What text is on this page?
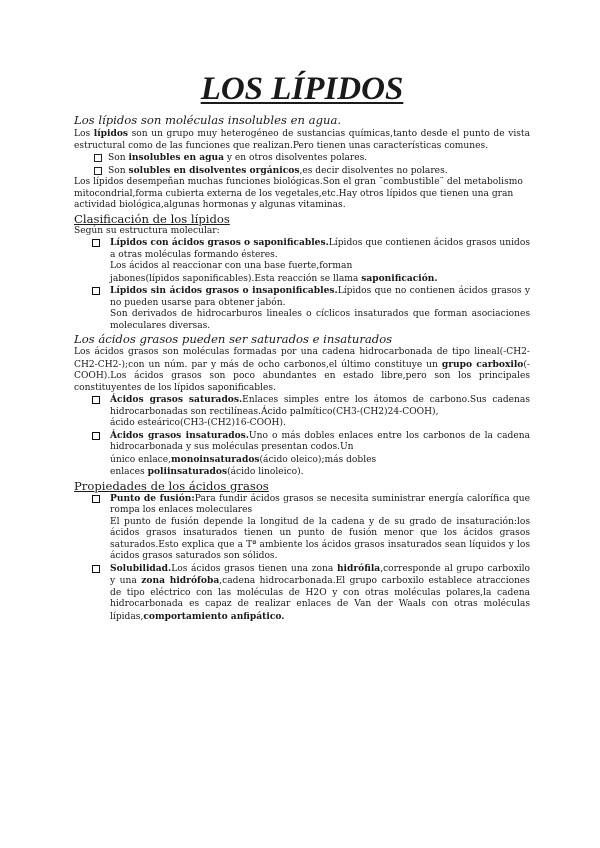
LOS LÍPIDOS
Los lípidos son moléculas insolubles en agua.

Los lípidos son un grupo muy heterogéneo de sustancias químicas,tanto desde el punto de vista estructural como de las funciones que realizan.Pero tienen unas características comunes.

Son insolubles en agua y en otros disolventes polares.
Son solubles en disolventes orgánicos,es decir disolventes no polares.

Los lípidos desempeñan muchas funciones biológicas.Son el gran ¨combustible¨ del metabolismo mitocondrial,forma cubierta externa de los vegetales,etc.Hay otros lípidos que tienen una gran actividad biológica,algunas hormonas y algunas vitaminas.

Clasificación de los lípidos

Según su estructura molecular:

Lípidos con ácidos grasos o saponificables.Lípidos que contienen ácidos grasos unidos a otras moléculas formando ésteres.
Los ácidos al reaccionar con una base fuerte,forman
jabones(lípidos saponificables).Esta reacción se llama saponificación.
Lípidos sin ácidos grasos o insaponificables.Lípidos que no contienen ácidos grasos y no pueden usarse para obtener jabón.
Son derivados de hidrocarburos lineales o cíclicos insaturados que forman asociaciones moleculares diversas.
Los ácidos grasos pueden ser saturados e insaturados

Los ácidos grasos son moléculas formadas por una cadena hidrocarbonada de tipo lineal(-CH2-CH2-CH2-);con un núm. par y más de ocho carbonos,el último constituye un grupo carboxilo(-COOH).Los ácidos grasos son poco abundantes en estado libre,pero son los principales constituyentes de los lípidos saponificables.

Ácidos grasos saturados.Enlaces simples entre los átomos de carbono.Sus cadenas hidrocarbonadas son rectilíneas.Ácido palmítico(CH3-(CH2)24-COOH),
ácido esteárico(CH3-(CH2)16-COOH).
Ácidos grasos insaturados.Uno o más dobles enlaces entre los carbonos de la cadena hidrocarbonada y sus moléculas presentan codos.Un
único enlace,monoinsaturados(ácido oleico);más dobles
enlaces poliinsaturados(ácido linoleico).
Propiedades de los ácidos grasos
Punto de fusión:Para fundir ácidos grasos se necesita suministrar energía calorífica que rompa los enlaces moleculares
El punto de fusión depende la longitud de la cadena y de su grado de insaturación:los ácidos grasos insaturados tienen un punto de fusión menor que los ácidos grasos saturados.Esto explica que a Tª ambiente los ácidos grasos insaturados sean líquidos y los ácidos grasos saturados son sólidos.
Solubilidad.Los ácidos grasos tienen una zona hidrófila,corresponde al grupo carboxilo y una zona hidrófoba,cadena hidrocarbonada.El grupo carboxilo establece atracciones de tipo eléctrico con las moléculas de H2O y con otras moléculas polares,la cadena hidrocarbonada es capaz de realizar enlaces de Van der Waals con otras moléculas lípidas,comportamiento anfipático.
